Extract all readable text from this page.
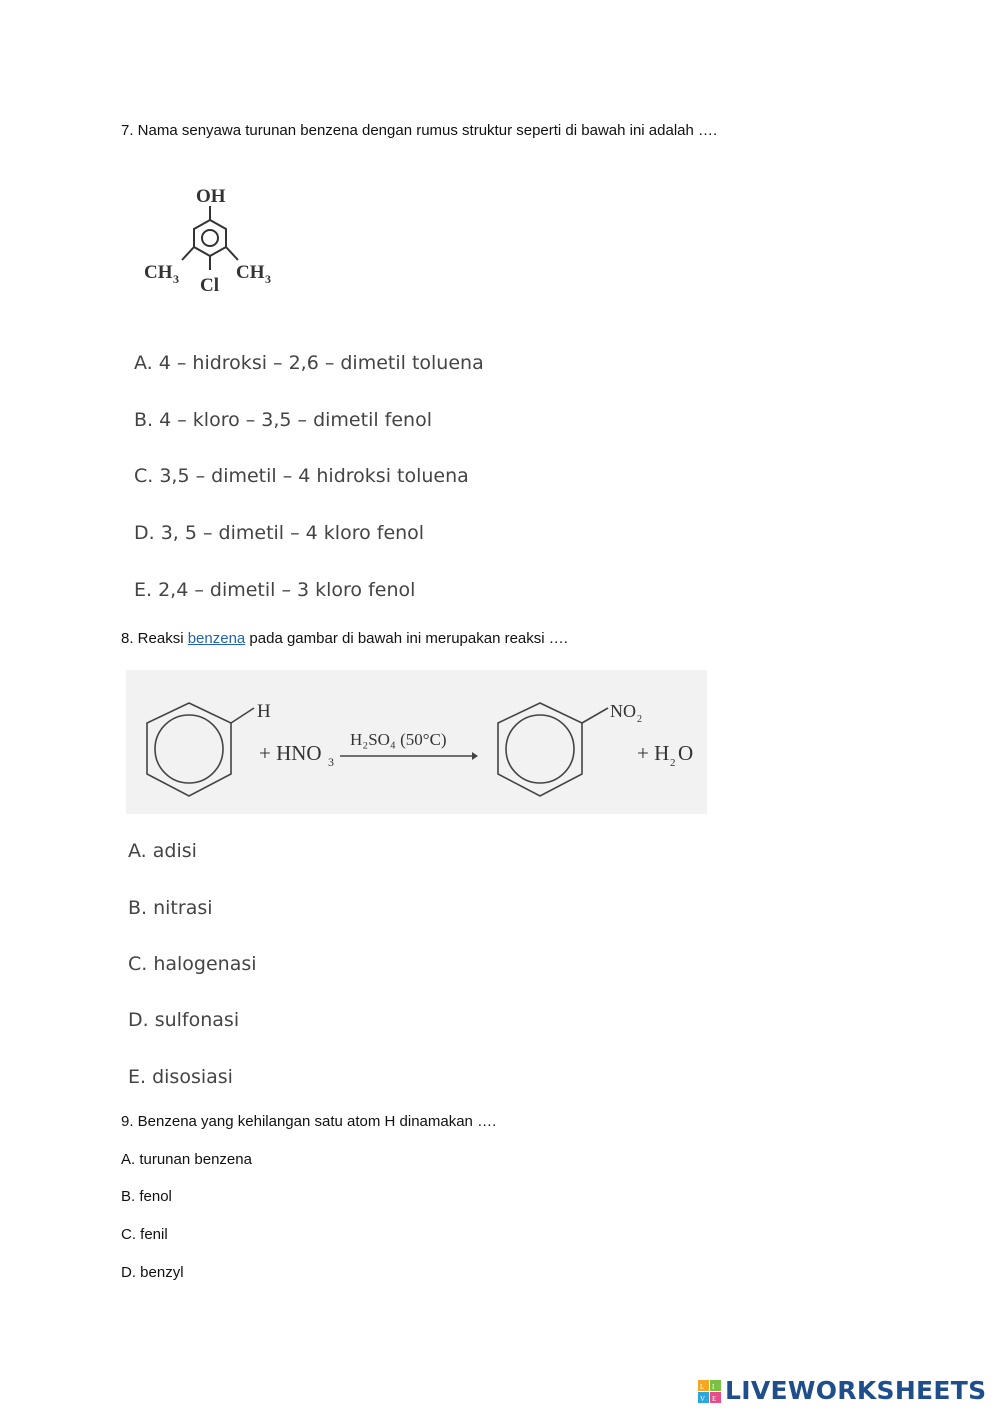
7. Nama senyawa turunan benzena dengan rumus struktur seperti di bawah ini adalah ….
OH
CH 3	CH 3
Cl
A. 4 – hidroksi – 2,6 – dimetil toluena
B. 4 – kloro – 3,5 – dimetil fenol
C. 3,5 – dimetil – 4 hidroksi toluena
D. 3, 5 – dimetil – 4 kloro fenol
E. 2,4 – dimetil – 3 kloro fenol
8. Reaksi benzena pada gambar di bawah ini merupakan reaksi ….
H
+ HNO 3
H₂SO₄ (50°C)
NO 2
+ H 2 O
A. adisi
B. nitrasi
C. halogenasi
D. sulfonasi
E. disosiasi
9. Benzena yang kehilangan satu atom H dinamakan ….
A. turunan benzena
B. fenol
C. fenil
D. benzyl
L I
V E LIVEWORKSHEETS
